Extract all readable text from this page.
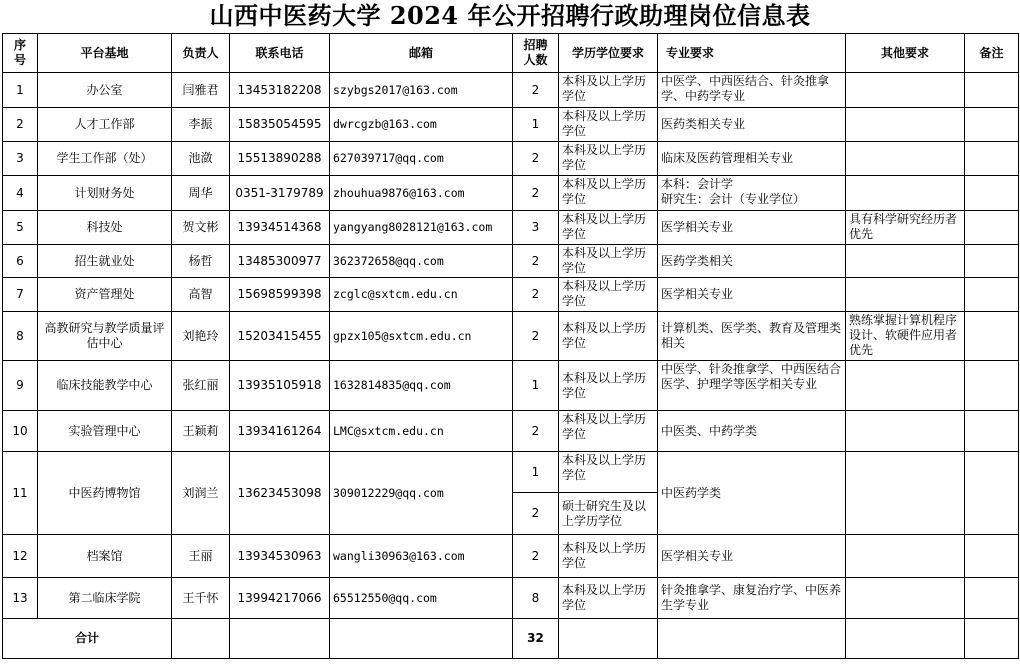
山西中医药大学 2024 年公开招聘行政助理岗位信息表
序号	平台基地	负责人	联系电话	邮箱	招聘人数	学历学位要求	专业要求	其他要求	备注
1	办公室	闫雅君	13453182208	szybgs2017@163.com	2	本科及以上学历学位	中医学、中西医结合、针灸推拿学、中药学专业		
2	人才工作部	李振	15835054595	dwrcgzb@163.com	1	本科及以上学历学位	医药类相关专业		
3	学生工作部（处）	池潋	15513890288	627039717@qq.com	2	本科及以上学历学位	临床及医药管理相关专业		
4	计划财务处	周华	0351-3179789	zhouhua9876@163.com	2	本科及以上学历学位	本科：会计学
研究生：会计（专业学位）		
5	科技处	贺文彬	13934514368	yangyang8028121@163.com	3	本科及以上学历学位	医学相关专业	具有科学研究经历者优先	
6	招生就业处	杨哲	13485300977	362372658@qq.com	2	本科及以上学历学位	医药学类相关		
7	资产管理处	高智	15698599398	zcglc@sxtcm.edu.cn	2	本科及以上学历学位	医学相关专业		
8	高教研究与教学质量评估中心	刘艳玲	15203415455	gpzx105@sxtcm.edu.cn	2	本科及以上学历学位	计算机类、医学类、教育及管理类相关	熟练掌握计算机程序设计、软硬件应用者优先	
9	临床技能教学中心	张红丽	13935105918	1632814835@qq.com	1	本科及以上学历学位	中医学、针灸推拿学、中西医结合医学、护理学等医学相关专业		
10	实验管理中心	王颖莉	13934161264	LMC@sxtcm.edu.cn	2	本科及以上学历学位	中医类、中药学类		
11	中医药博物馆	刘润兰	13623453098	309012229@qq.com	1	本科及以上学历学位	中医药学类		
					2	硕士研究生及以上学历学位			
12	档案馆	王丽	13934530963	wangli30963@163.com	2	本科及以上学历学位	医学相关专业		
13	第二临床学院	王千怀	13994217066	65512550@qq.com	8	本科及以上学历学位	针灸推拿学、康复治疗学、中医养生学专业		
合计					32				
